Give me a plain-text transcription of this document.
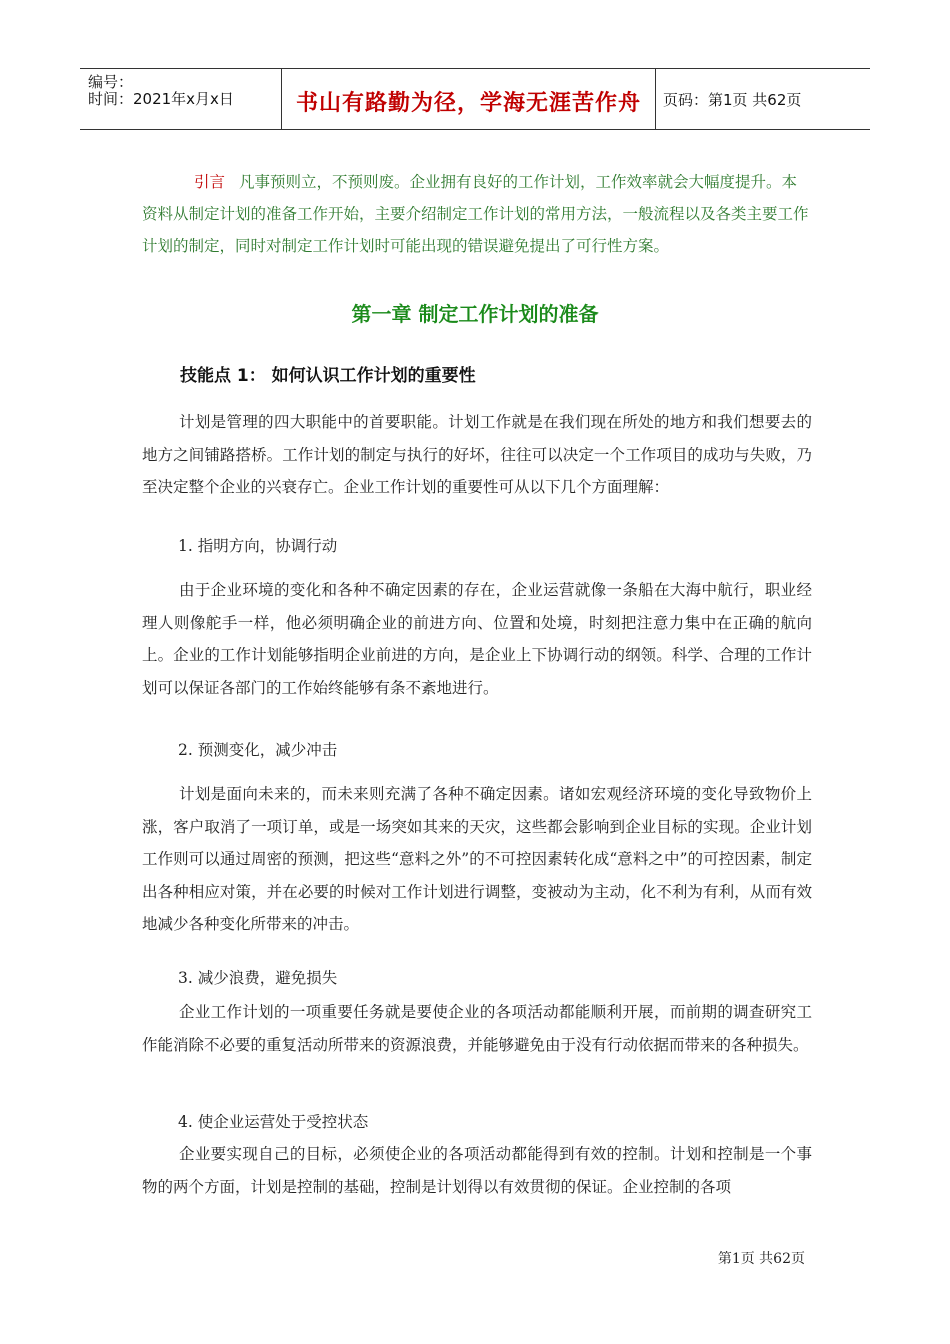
编号：
时间：2021年x月x日	书山有路勤为径，学海无涯苦作舟	页码：第1页 共62页
引言 凡事预则立，不预则废。企业拥有良好的工作计划，工作效率就会大幅度提升。本资料从制定计划的准备工作开始，主要介绍制定工作计划的常用方法，一般流程以及各类主要工作计划的制定，同时对制定工作计划时可能出现的错误避免提出了可行性方案。
第一章 制定工作计划的准备
技能点 1： 如何认识工作计划的重要性

计划是管理的四大职能中的首要职能。计划工作就是在我们现在所处的地方和我们想要去的地方之间铺路搭桥。工作计划的制定与执行的好坏，往往可以决定一个工作项目的成功与失败，乃至决定整个企业的兴衰存亡。企业工作计划的重要性可从以下几个方面理解：

1. 指明方向，协调行动

由于企业环境的变化和各种不确定因素的存在，企业运营就像一条船在大海中航行，职业经理人则像舵手一样，他必须明确企业的前进方向、位置和处境，时刻把注意力集中在正确的航向上。企业的工作计划能够指明企业前进的方向，是企业上下协调行动的纲领。科学、合理的工作计划可以保证各部门的工作始终能够有条不紊地进行。

2. 预测变化，减少冲击

计划是面向未来的，而未来则充满了各种不确定因素。诸如宏观经济环境的变化导致物价上涨，客户取消了一项订单，或是一场突如其来的天灾，这些都会影响到企业目标的实现。企业计划工作则可以通过周密的预测，把这些“意料之外”的不可控因素转化成“意料之中”的可控因素，制定出各种相应对策，并在必要的时候对工作计划进行调整，变被动为主动，化不利为有利，从而有效地减少各种变化所带来的冲击。

3. 减少浪费，避免损失

企业工作计划的一项重要任务就是要使企业的各项活动都能顺利开展，而前期的调查研究工作能消除不必要的重复活动所带来的资源浪费，并能够避免由于没有行动依据而带来的各种损失。

4. 使企业运营处于受控状态

企业要实现自己的目标，必须使企业的各项活动都能得到有效的控制。计划和控制是一个事物的两个方面，计划是控制的基础，控制是计划得以有效贯彻的保证。企业控制的各项

第1页 共62页
